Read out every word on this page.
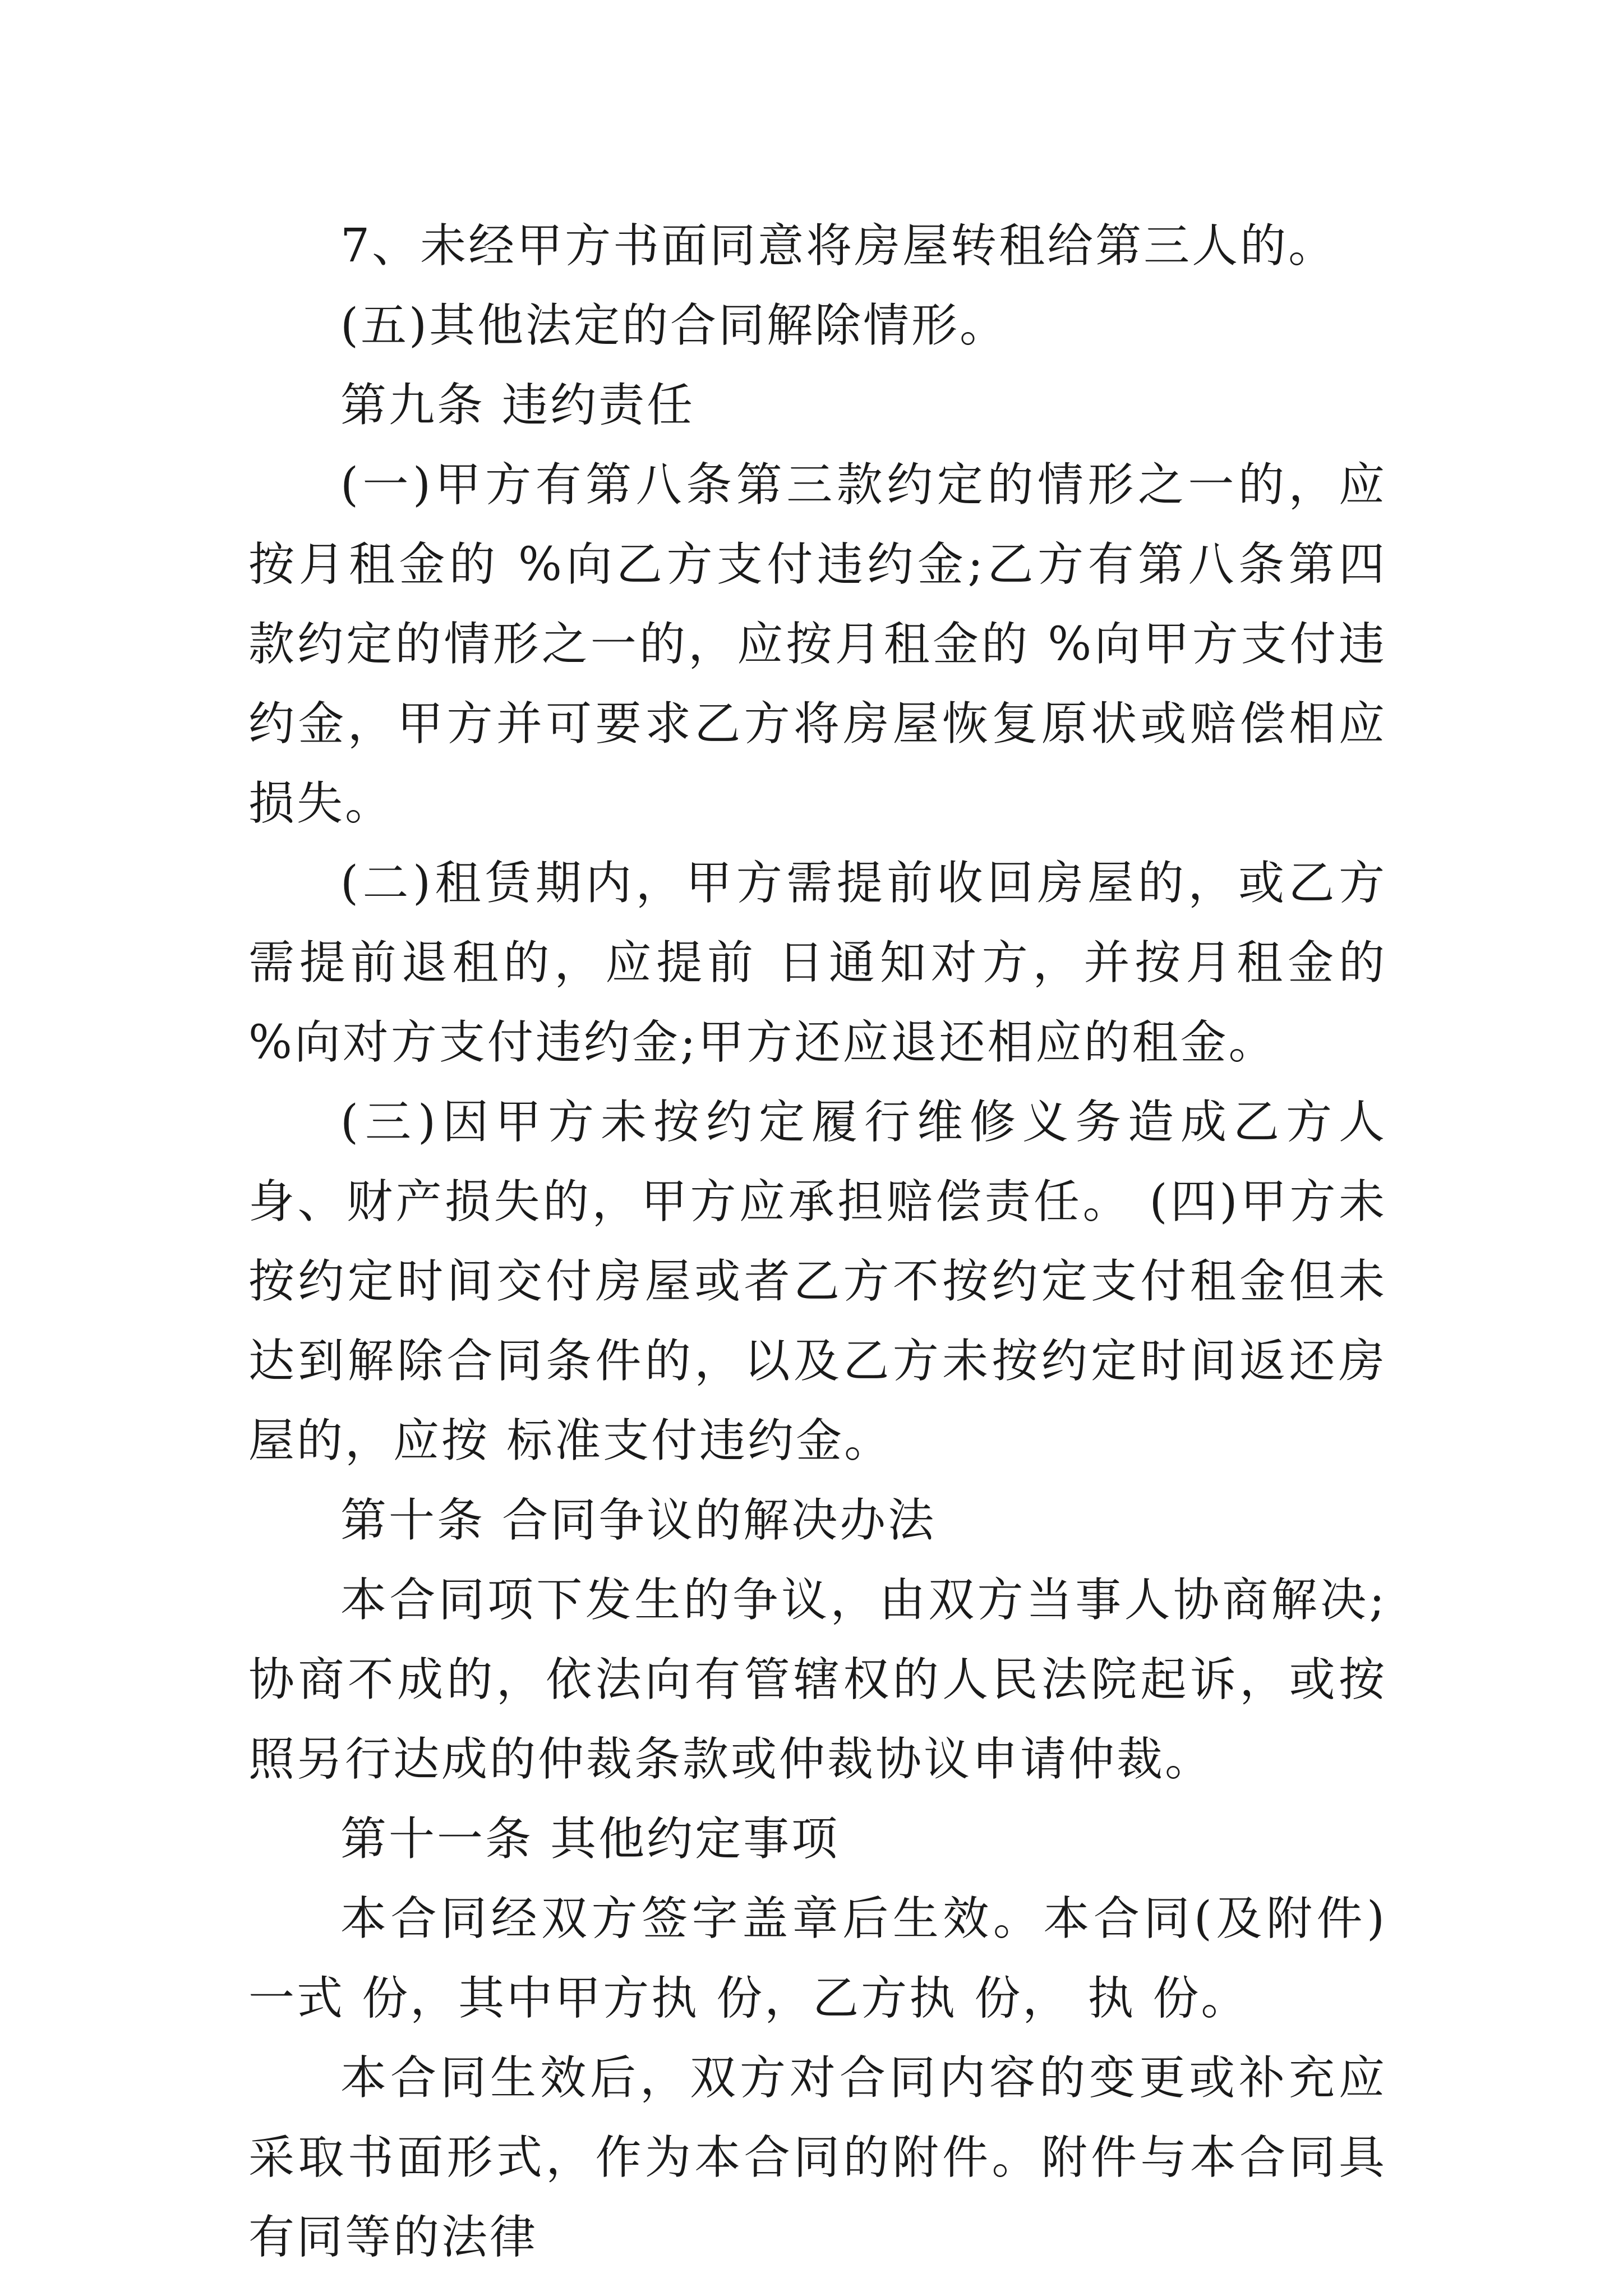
7、未经甲方书面同意将房屋转租给第三人的。

(五)其他法定的合同解除情形。

第九条 违约责任

(一)甲方有第八条第三款约定的情形之一的，应按月租金的 %向乙方支付违约金;乙方有第八条第四款约定的情形之一的，应按月租金的 %向甲方支付违约金，甲方并可要求乙方将房屋恢复原状或赔偿相应损失。

(二)租赁期内，甲方需提前收回房屋的，或乙方需提前退租的，应提前 日通知对方，并按月租金的 %向对方支付违约金;甲方还应退还相应的租金。

(三)因甲方未按约定履行维修义务造成乙方人身、财产损失的，甲方应承担赔偿责任。 (四)甲方未按约定时间交付房屋或者乙方不按约定支付租金但未达到解除合同条件的，以及乙方未按约定时间返还房屋的，应按 标准支付违约金。

第十条 合同争议的解决办法

本合同项下发生的争议，由双方当事人协商解决;协商不成的，依法向有管辖权的人民法院起诉，或按照另行达成的仲裁条款或仲裁协议申请仲裁。

第十一条 其他约定事项

本合同经双方签字盖章后生效。本合同(及附件)一式 份，其中甲方执 份，乙方执 份， 执 份。

本合同生效后，双方对合同内容的变更或补充应采取书面形式，作为本合同的附件。附件与本合同具有同等的法律
